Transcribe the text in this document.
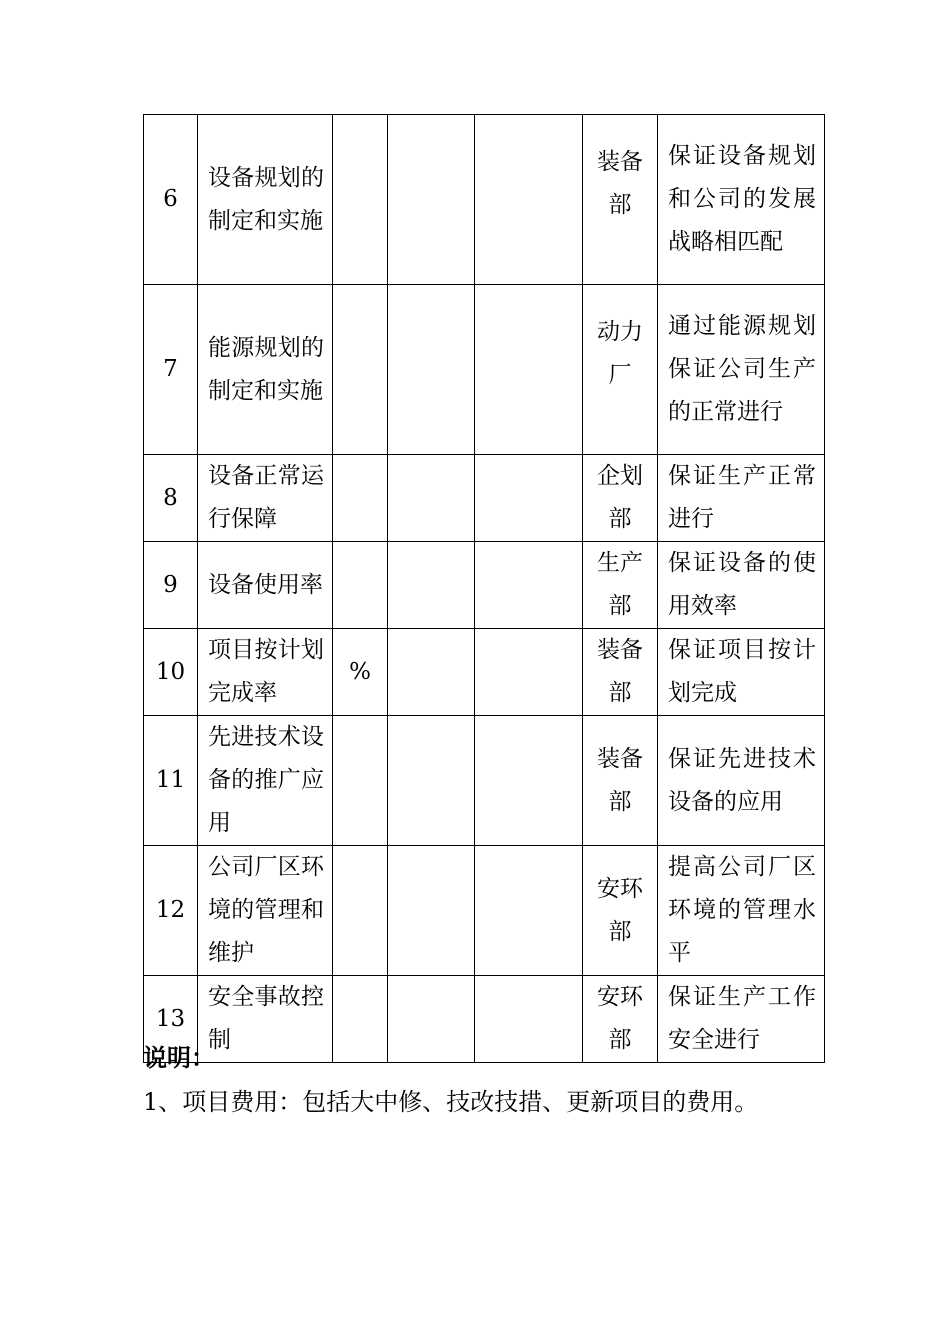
6	设备规划的制定和实施				装备部	保证设备规划和公司的发展战略相匹配

7	能源规划的制定和实施				动力厂	通过能源规划保证公司生产的正常进行

8	设备正常运行保障				企划部	保证生产正常进行

9	设备使用率				生产部	保证设备的使用效率

10	项目按计划完成率	%			装备部	保证项目按计划完成

11	先进技术设备的推广应用				装备部	保证先进技术设备的应用

12	公司厂区环境的管理和维护				安环部	提高公司厂区环境的管理水平

13	安全事故控制				安环部	保证生产工作安全进行
说明：
1、项目费用：包括大中修、技改技措、更新项目的费用。
